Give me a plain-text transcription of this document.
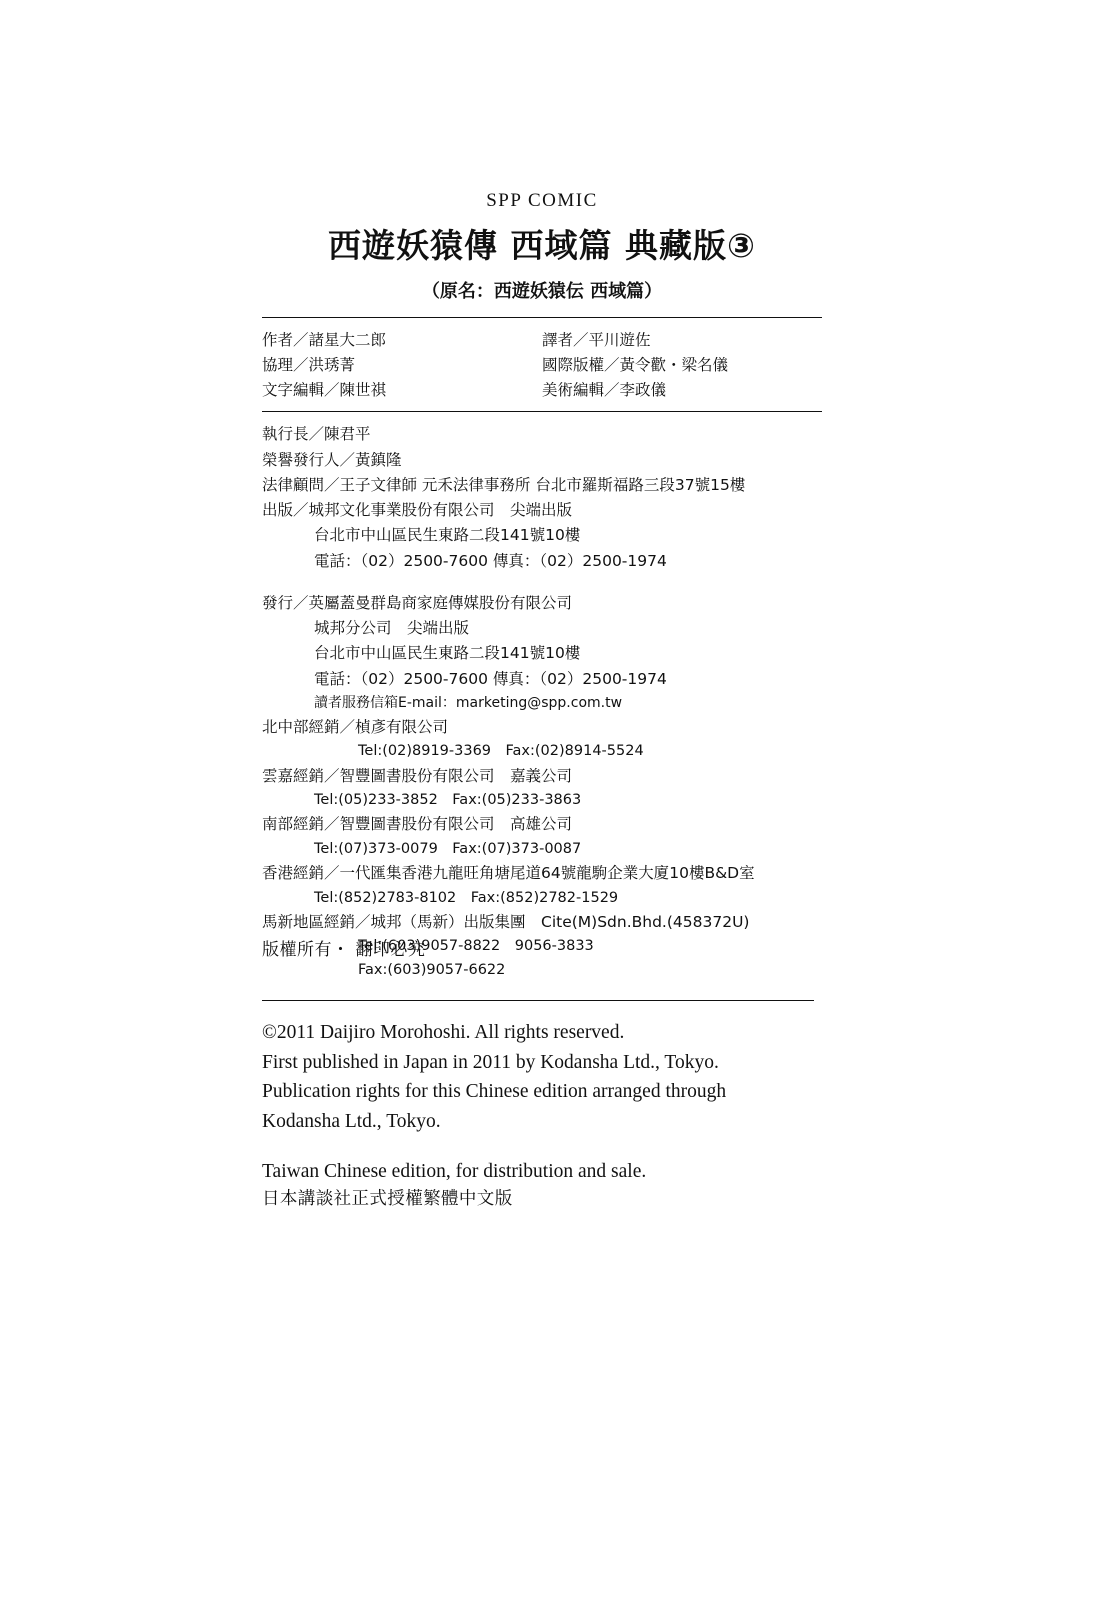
SPP COMIC
西遊妖猿傳 西域篇 典藏版③
（原名：西遊妖猿伝 西域篇）
作者／諸星大二郎
協理／洪琇菁
文字編輯／陳世祺
譯者／平川遊佐
國際版權／黃令歡・梁名儀
美術編輯／李政儀
執行長／陳君平
榮譽發行人／黃鎮隆
法律顧問／王子文律師 元禾法律事務所 台北市羅斯福路三段37號15樓
出版／城邦文化事業股份有限公司　尖端出版
台北市中山區民生東路二段141號10樓
電話：（02）2500-7600 傳真：（02）2500-1974
發行／英屬蓋曼群島商家庭傳媒股份有限公司
城邦分公司　尖端出版
台北市中山區民生東路二段141號10樓
電話：（02）2500-7600 傳真：（02）2500-1974
讀者服務信箱E-mail：marketing@spp.com.tw
北中部經銷／楨彥有限公司
Tel:(02)8919-3369　Fax:(02)8914-5524
雲嘉經銷／智豐圖書股份有限公司　嘉義公司
Tel:(05)233-3852　Fax:(05)233-3863
南部經銷／智豐圖書股份有限公司　高雄公司
Tel:(07)373-0079　Fax:(07)373-0087
香港經銷／一代匯集香港九龍旺角塘尾道64號龍駒企業大廈10樓B&D室
Tel:(852)2783-8102　Fax:(852)2782-1529
馬新地區經銷／城邦（馬新）出版集團　Cite(M)Sdn.Bhd.(458372U)
Tel:(603)9057-8822　9056-3833
Fax:(603)9057-6622
版權所有・ 翻印必究

©2011 Daijiro Morohoshi. All rights reserved.

First published in Japan in 2011 by Kodansha Ltd., Tokyo.

Publication rights for this Chinese edition arranged through

Kodansha Ltd., Tokyo.

Taiwan Chinese edition, for distribution and sale.

日本講談社正式授權繁體中文版
